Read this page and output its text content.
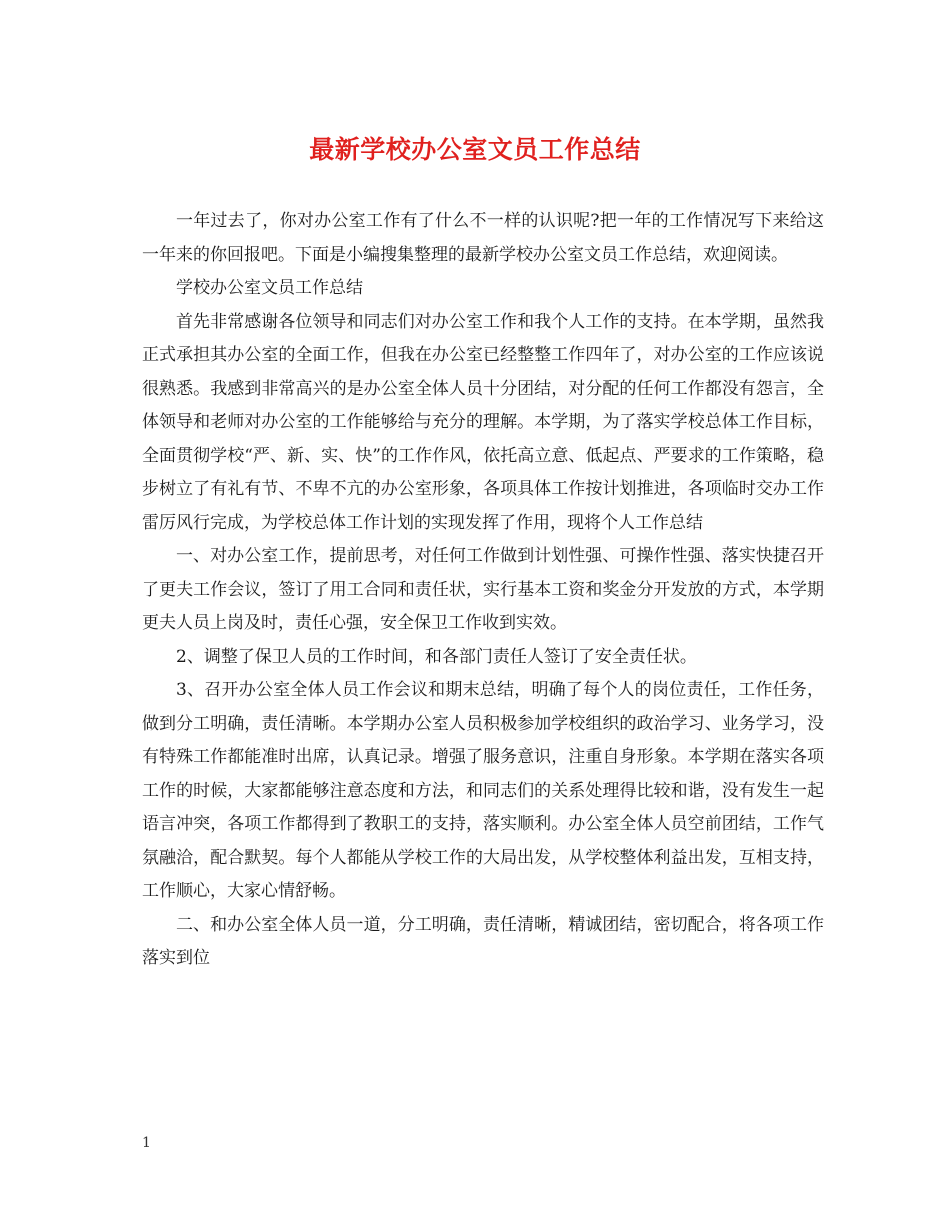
最新学校办公室文员工作总结

一年过去了，你对办公室工作有了什么不一样的认识呢?把一年的工作情况写下来给这一年来的你回报吧。下面是小编搜集整理的最新学校办公室文员工作总结，欢迎阅读。

学校办公室文员工作总结

首先非常感谢各位领导和同志们对办公室工作和我个人工作的支持。在本学期，虽然我正式承担其办公室的全面工作，但我在办公室已经整整工作四年了，对办公室的工作应该说很熟悉。我感到非常高兴的是办公室全体人员十分团结，对分配的任何工作都没有怨言，全体领导和老师对办公室的工作能够给与充分的理解。本学期，为了落实学校总体工作目标，全面贯彻学校“严、新、实、快”的工作作风，依托高立意、低起点、严要求的工作策略，稳步树立了有礼有节、不卑不亢的办公室形象，各项具体工作按计划推进，各项临时交办工作雷厉风行完成，为学校总体工作计划的实现发挥了作用，现将个人工作总结

一、对办公室工作，提前思考，对任何工作做到计划性强、可操作性强、落实快捷召开了更夫工作会议，签订了用工合同和责任状，实行基本工资和奖金分开发放的方式，本学期更夫人员上岗及时，责任心强，安全保卫工作收到实效。

2、调整了保卫人员的工作时间，和各部门责任人签订了安全责任状。

3、召开办公室全体人员工作会议和期末总结，明确了每个人的岗位责任，工作任务，做到分工明确，责任清晰。本学期办公室人员积极参加学校组织的政治学习、业务学习，没有特殊工作都能准时出席，认真记录。增强了服务意识，注重自身形象。本学期在落实各项工作的时候，大家都能够注意态度和方法，和同志们的关系处理得比较和谐，没有发生一起语言冲突，各项工作都得到了教职工的支持，落实顺利。办公室全体人员空前团结，工作气氛融洽，配合默契。每个人都能从学校工作的大局出发，从学校整体利益出发，互相支持，工作顺心，大家心情舒畅。

二、和办公室全体人员一道，分工明确，责任清晰，精诚团结，密切配合，将各项工作落实到位

1
